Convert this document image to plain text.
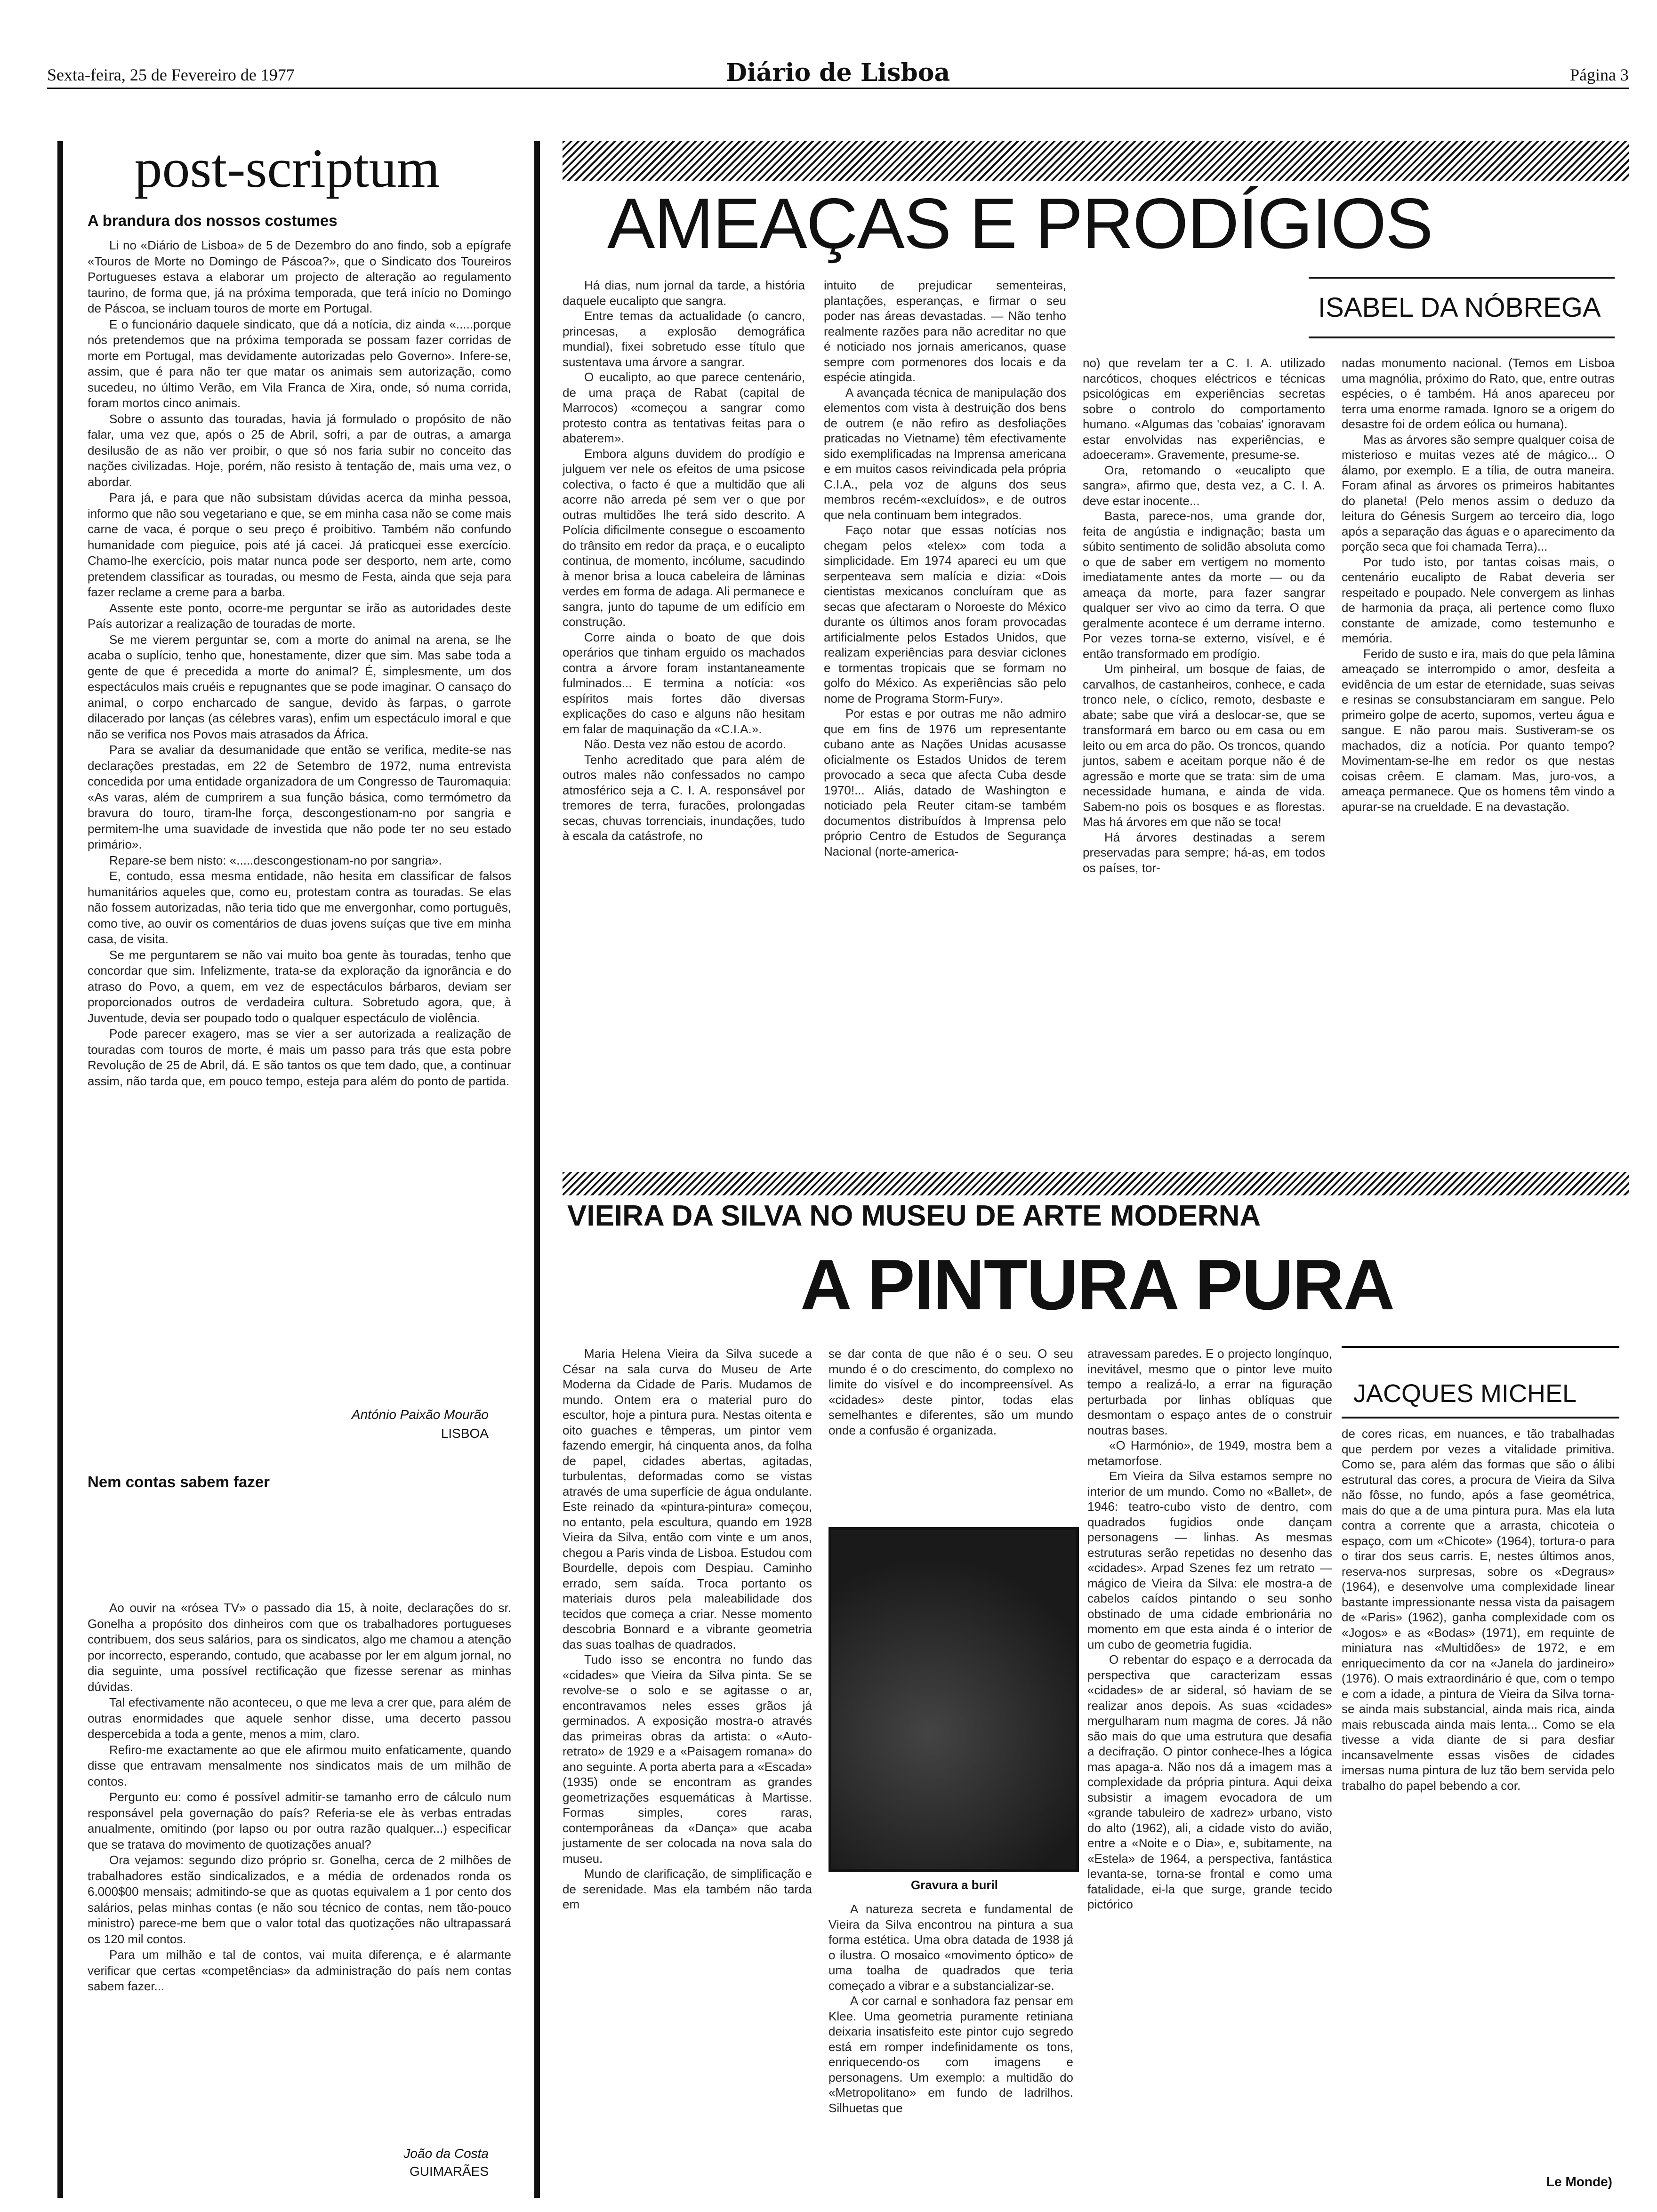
Sexta-feira, 25 de Fevereiro de 1977	Diário de Lisboa	Página 3
post-scriptum
A brandura dos nossos costumes

Li no «Diário de Lisboa» de 5 de Dezembro do ano findo, sob a epígrafe «Touros de Morte no Domingo de Páscoa?», que o Sindicato dos Toureiros Portugueses estava a elaborar um projecto de alteração ao regulamento taurino, de forma que, já na próxima temporada, que terá início no Domingo de Páscoa, se incluam touros de morte em Portugal.

E o funcionário daquele sindicato, que dá a notícia, diz ainda «.....porque nós pretendemos que na próxima temporada se possam fazer corridas de morte em Portugal, mas devidamente autorizadas pelo Governo». Infere-se, assim, que é para não ter que matar os animais sem autorização, como sucedeu, no último Verão, em Vila Franca de Xira, onde, só numa corrida, foram mortos cinco animais.

Sobre o assunto das touradas, havia já formulado o propósito de não falar, uma vez que, após o 25 de Abril, sofri, a par de outras, a amarga desilusão de as não ver proibir, o que só nos faria subir no conceito das nações civilizadas. Hoje, porém, não resisto à tentação de, mais uma vez, o abordar.

Para já, e para que não subsistam dúvidas acerca da minha pessoa, informo que não sou vegetariano e que, se em minha casa não se come mais carne de vaca, é porque o seu preço é proibitivo. Também não confundo humanidade com pieguice, pois até já cacei. Já praticquei esse exercício. Chamo-lhe exercício, pois matar nunca pode ser desporto, nem arte, como pretendem classificar as touradas, ou mesmo de Festa, ainda que seja para fazer reclame a creme para a barba.

Assente este ponto, ocorre-me perguntar se irão as autoridades deste País autorizar a realização de touradas de morte.

Se me vierem perguntar se, com a morte do animal na arena, se lhe acaba o suplício, tenho que, honestamente, dizer que sim. Mas sabe toda a gente de que é precedida a morte do animal? É, simplesmente, um dos espectáculos mais cruéis e repugnantes que se pode imaginar. O cansaço do animal, o corpo encharcado de sangue, devido às farpas, o garrote dilacerado por lanças (as célebres varas), enfim um espectáculo imoral e que não se verifica nos Povos mais atrasados da África.

Para se avaliar da desumanidade que então se verifica, medite-se nas declarações prestadas, em 22 de Setembro de 1972, numa entrevista concedida por uma entidade organizadora de um Congresso de Tauromaquia: «As varas, além de cumprirem a sua função básica, como termómetro da bravura do touro, tiram-lhe força, descongestionam-no por sangria e permitem-lhe uma suavidade de investida que não pode ter no seu estado primário».

Repare-se bem nisto: «.....descongestionam-no por sangria».

E, contudo, essa mesma entidade, não hesita em classificar de falsos humanitários aqueles que, como eu, protestam contra as touradas. Se elas não fossem autorizadas, não teria tido que me envergonhar, como português, como tive, ao ouvir os comentários de duas jovens suíças que tive em minha casa, de visita.

Se me perguntarem se não vai muito boa gente às touradas, tenho que concordar que sim. Infelizmente, trata-se da exploração da ignorância e do atraso do Povo, a quem, em vez de espectáculos bárbaros, deviam ser proporcionados outros de verdadeira cultura. Sobretudo agora, que, à Juventude, devia ser poupado todo o qualquer espectáculo de violência.

Pode parecer exagero, mas se vier a ser autorizada a realização de touradas com touros de morte, é mais um passo para trás que esta pobre Revolução de 25 de Abril, dá. E são tantos os que tem dado, que, a continuar assim, não tarda que, em pouco tempo, esteja para além do ponto de partida.

António Paixão Mourão
LISBOA
Nem contas sabem fazer

Ao ouvir na «rósea TV» o passado dia 15, à noite, declarações do sr. Gonelha a propósito dos dinheiros com que os trabalhadores portugueses contribuem, dos seus salários, para os sindicatos, algo me chamou a atenção por incorrecto, esperando, contudo, que acabasse por ler em algum jornal, no dia seguinte, uma possível rectificação que fizesse serenar as minhas dúvidas.

Tal efectivamente não aconteceu, o que me leva a crer que, para além de outras enormidades que aquele senhor disse, uma decerto passou despercebida a toda a gente, menos a mim, claro.

Refiro-me exactamente ao que ele afirmou muito enfaticamente, quando disse que entravam mensalmente nos sindicatos mais de um milhão de contos.

Pergunto eu: como é possível admitir-se tamanho erro de cálculo num responsável pela governação do país? Referia-se ele às verbas entradas anualmente, omitindo (por lapso ou por outra razão qualquer...) especificar que se tratava do movimento de quotizações anual?

Ora vejamos: segundo dizo próprio sr. Gonelha, cerca de 2 milhões de trabalhadores estão sindicalizados, e a média de ordenados ronda os 6.000$00 mensais; admitindo-se que as quotas equivalem a 1 por cento dos salários, pelas minhas contas (e não sou técnico de contas, nem tão-pouco ministro) parece-me bem que o valor total das quotizações não ultrapassará os 120 mil contos.

Para um milhão e tal de contos, vai muita diferença, e é alarmante verificar que certas «competências» da administração do país nem contas sabem fazer...

João da Costa
GUIMARÃES
AMEAÇAS E PRODÍGIOS
ISABEL DA NÓBREGA

Há dias, num jornal da tarde, a história daquele eucalipto que sangra.

Entre temas da actualidade (o cancro, princesas, a explosão demográfica mundial), fixei sobretudo esse título que sustentava uma árvore a sangrar.

O eucalipto, ao que parece centenário, de uma praça de Rabat (capital de Marrocos) «começou a sangrar como protesto contra as tentativas feitas para o abaterem».

Embora alguns duvidem do prodígio e julguem ver nele os efeitos de uma psicose colectiva, o facto é que a multidão que ali acorre não arreda pé sem ver o que por outras multidões lhe terá sido descrito. A Polícia dificilmente consegue o escoamento do trânsito em redor da praça, e o eucalipto continua, de momento, incólume, sacudindo à menor brisa a louca cabeleira de lâminas verdes em forma de adaga. Ali permanece e sangra, junto do tapume de um edifício em construção.

Corre ainda o boato de que dois operários que tinham erguido os machados contra a árvore foram instantaneamente fulminados... E termina a notícia: «os espíritos mais fortes dão diversas explicações do caso e alguns não hesitam em falar de maquinação da «C.I.A.».

Não. Desta vez não estou de acordo.

Tenho acreditado que para além de outros males não confessados no campo atmosférico seja a C. I. A. responsável por tremores de terra, furacões, prolongadas secas, chuvas torrenciais, inundações, tudo à escala da catástrofe, no

intuito de prejudicar sementeiras, plantações, esperanças, e firmar o seu poder nas áreas devastadas. — Não tenho realmente razões para não acreditar no que é noticiado nos jornais americanos, quase sempre com pormenores dos locais e da espécie atingida.

A avançada técnica de manipulação dos elementos com vista à destruição dos bens de outrem (e não refiro as desfoliações praticadas no Vietname) têm efectivamente sido exemplificadas na Imprensa americana e em muitos casos reivindicada pela própria C.I.A., pela voz de alguns dos seus membros recém-«excluídos», e de outros que nela continuam bem integrados.

Faço notar que essas notícias nos chegam pelos «telex» com toda a simplicidade. Em 1974 apareci eu um que serpenteava sem malícia e dizia: «Dois cientistas mexicanos concluíram que as secas que afectaram o Noroeste do México durante os últimos anos foram provocadas artificialmente pelos Estados Unidos, que realizam experiências para desviar ciclones e tormentas tropicais que se formam no golfo do México. As experiências são pelo nome de Programa Storm-Fury».

Por estas e por outras me não admiro que em fins de 1976 um representante cubano ante as Nações Unidas acusasse oficialmente os Estados Unidos de terem provocado a seca que afecta Cuba desde 1970!... Aliás, datado de Washington e noticiado pela Reuter citam-se também documentos distribuídos à Imprensa pelo próprio Centro de Estudos de Segurança Nacional (norte-america-

no) que revelam ter a C. I. A. utilizado narcóticos, choques eléctricos e técnicas psicológicas em experiências secretas sobre o controlo do comportamento humano. «Algumas das 'cobaias' ignoravam estar envolvidas nas experiências, e adoeceram». Gravemente, presume-se.

Ora, retomando o «eucalipto que sangra», afirmo que, desta vez, a C. I. A. deve estar inocente...

Basta, parece-nos, uma grande dor, feita de angústia e indignação; basta um súbito sentimento de solidão absoluta como o que de saber em vertigem no momento imediatamente antes da morte — ou da ameaça da morte, para fazer sangrar qualquer ser vivo ao cimo da terra. O que geralmente acontece é um derrame interno. Por vezes torna-se externo, visível, e é então transformado em prodígio.

Um pinheiral, um bosque de faias, de carvalhos, de castanheiros, conhece, e cada tronco nele, o cíclico, remoto, desbaste e abate; sabe que virá a deslocar-se, que se transformará em barco ou em casa ou em leito ou em arca do pão. Os troncos, quando juntos, sabem e aceitam porque não é de agressão e morte que se trata: sim de uma necessidade humana, e ainda de vida. Sabem-no pois os bosques e as florestas. Mas há árvores em que não se toca!

Há árvores destinadas a serem preservadas para sempre; há-as, em todos os países, tor-

nadas monumento nacional. (Temos em Lisboa uma magnólia, próximo do Rato, que, entre outras espécies, o é também. Há anos apareceu por terra uma enorme ramada. Ignoro se a origem do desastre foi de ordem eólica ou humana).

Mas as árvores são sempre qualquer coisa de misterioso e muitas vezes até de mágico... O álamo, por exemplo. E a tília, de outra maneira. Foram afinal as árvores os primeiros habitantes do planeta! (Pelo menos assim o deduzo da leitura do Génesis Surgem ao terceiro dia, logo após a separação das águas e o aparecimento da porção seca que foi chamada Terra)...

Por tudo isto, por tantas coisas mais, o centenário eucalipto de Rabat deveria ser respeitado e poupado. Nele convergem as linhas de harmonia da praça, ali pertence como fluxo constante de amizade, como testemunho e memória.

Ferido de susto e ira, mais do que pela lâmina ameaçado se interrompido o amor, desfeita a evidência de um estar de eternidade, suas seivas e resinas se consubstanciaram em sangue. Pelo primeiro golpe de acerto, supomos, verteu água e sangue. E não parou mais. Sustiveram-se os machados, diz a notícia. Por quanto tempo? Movimentam-se-lhe em redor os que nestas coisas crêem. E clamam. Mas, juro-vos, a ameaça permanece. Que os homens têm vindo a apurar-se na crueldade. E na devastação.

VIEIRA DA SILVA NO MUSEU DE ARTE MODERNA
A PINTURA PURA
JACQUES MICHEL

Maria Helena Vieira da Silva sucede a César na sala curva do Museu de Arte Moderna da Cidade de Paris. Mudamos de mundo. Ontem era o material puro do escultor, hoje a pintura pura. Nestas oitenta e oito guaches e têmperas, um pintor vem fazendo emergir, há cinquenta anos, da folha de papel, cidades abertas, agitadas, turbulentas, deformadas como se vistas através de uma superfície de água ondulante. Este reinado da «pintura-pintura» começou, no entanto, pela escultura, quando em 1928 Vieira da Silva, então com vinte e um anos, chegou a Paris vinda de Lisboa. Estudou com Bourdelle, depois com Despiau. Caminho errado, sem saída. Troca portanto os materiais duros pela maleabilidade dos tecidos que começa a criar. Nesse momento descobria Bonnard e a vibrante geometria das suas toalhas de quadrados.

Tudo isso se encontra no fundo das «cidades» que Vieira da Silva pinta. Se se revolve-se o solo e se agitasse o ar, encontravamos neles esses grãos já germinados. A exposição mostra-o através das primeiras obras da artista: o «Auto-retrato» de 1929 e a «Paisagem romana» do ano seguinte. A porta aberta para a «Escada» (1935) onde se encontram as grandes geometrizações esquemáticas à Martisse. Formas simples, cores raras, contemporâneas da «Dança» que acaba justamente de ser colocada na nova sala do museu.

Mundo de clarificação, de simplificação e de serenidade. Mas ela também não tarda em

se dar conta de que não é o seu. O seu mundo é o do crescimento, do complexo no limite do visível e do incompreensível. As «cidades» deste pintor, todas elas semelhantes e diferentes, são um mundo onde a confusão é organizada.

Gravura a buril

A natureza secreta e fundamental de Vieira da Silva encontrou na pintura a sua forma estética. Uma obra datada de 1938 já o ilustra. O mosaico «movimento óptico» de uma toalha de quadrados que teria começado a vibrar e a substancializar-se.

A cor carnal e sonhadora faz pensar em Klee. Uma geometria puramente retiniana deixaria insatisfeito este pintor cujo segredo está em romper indefinidamente os tons, enriquecendo-os com imagens e personagens. Um exemplo: a multidão do «Metropolitano» em fundo de ladrilhos. Silhuetas que

atravessam paredes. E o projecto longínquo, inevitável, mesmo que o pintor leve muito tempo a realizá-lo, a errar na figuração perturbada por linhas oblíquas que desmontam o espaço antes de o construir noutras bases.

«O Harmónio», de 1949, mostra bem a metamorfose.

Em Vieira da Silva estamos sempre no interior de um mundo. Como no «Ballet», de 1946: teatro-cubo visto de dentro, com quadrados fugidios onde dançam personagens — linhas. As mesmas estruturas serão repetidas no desenho das «cidades». Arpad Szenes fez um retrato — mágico de Vieira da Silva: ele mostra-a de cabelos caídos pintando o seu sonho obstinado de uma cidade embrionária no momento em que esta ainda é o interior de um cubo de geometria fugidia.

O rebentar do espaço e a derrocada da perspectiva que caracterizam essas «cidades» de ar sideral, só haviam de se realizar anos depois. As suas «cidades» mergulharam num magma de cores. Já não são mais do que uma estrutura que desafia a decifração. O pintor conhece-lhes a lógica mas apaga-a. Não nos dá a imagem mas a complexidade da própria pintura. Aqui deixa subsistir a imagem evocadora de um «grande tabuleiro de xadrez» urbano, visto do alto (1962), ali, a cidade visto do avião, entre a «Noite e o Dia», e, subitamente, na «Estela» de 1964, a perspectiva, fantástica levanta-se, torna-se frontal e como uma fatalidade, ei-la que surge, grande tecido pictórico

de cores ricas, em nuances, e tão trabalhadas que perdem por vezes a vitalidade primitiva. Como se, para além das formas que são o álibi estrutural das cores, a procura de Vieira da Silva não fôsse, no fundo, após a fase geométrica, mais do que a de uma pintura pura. Mas ela luta contra a corrente que a arrasta, chicoteia o espaço, com um «Chicote» (1964), tortura-o para o tirar dos seus carris. E, nestes últimos anos, reserva-nos surpresas, sobre os «Degraus» (1964), e desenvolve uma complexidade linear bastante impressionante nessa vista da paisagem de «Paris» (1962), ganha complexidade com os «Jogos» e as «Bodas» (1971), em requinte de miniatura nas «Multidões» de 1972, e em enriquecimento da cor na «Janela do jardineiro» (1976). O mais extraordinário é que, com o tempo e com a idade, a pintura de Vieira da Silva torna-se ainda mais substancial, ainda mais rica, ainda mais rebuscada ainda mais lenta... Como se ela tivesse a vida diante de si para desfiar incansavelmente essas visões de cidades imersas numa pintura de luz tão bem servida pelo trabalho do papel bebendo a cor.

Le Monde)
